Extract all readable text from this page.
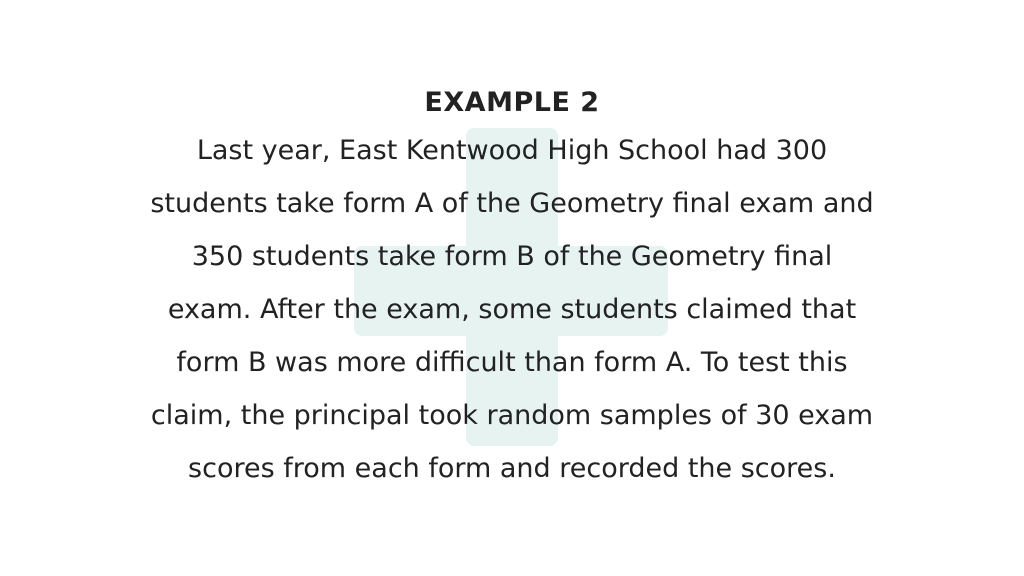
EXAMPLE 2

Last year, East Kentwood High School had 300
students take form A of the Geometry final exam and
350 students take form B of the Geometry final
exam. After the exam, some students claimed that
form B was more difficult than form A. To test this
claim, the principal took random samples of 30 exam
scores from each form and recorded the scores.
